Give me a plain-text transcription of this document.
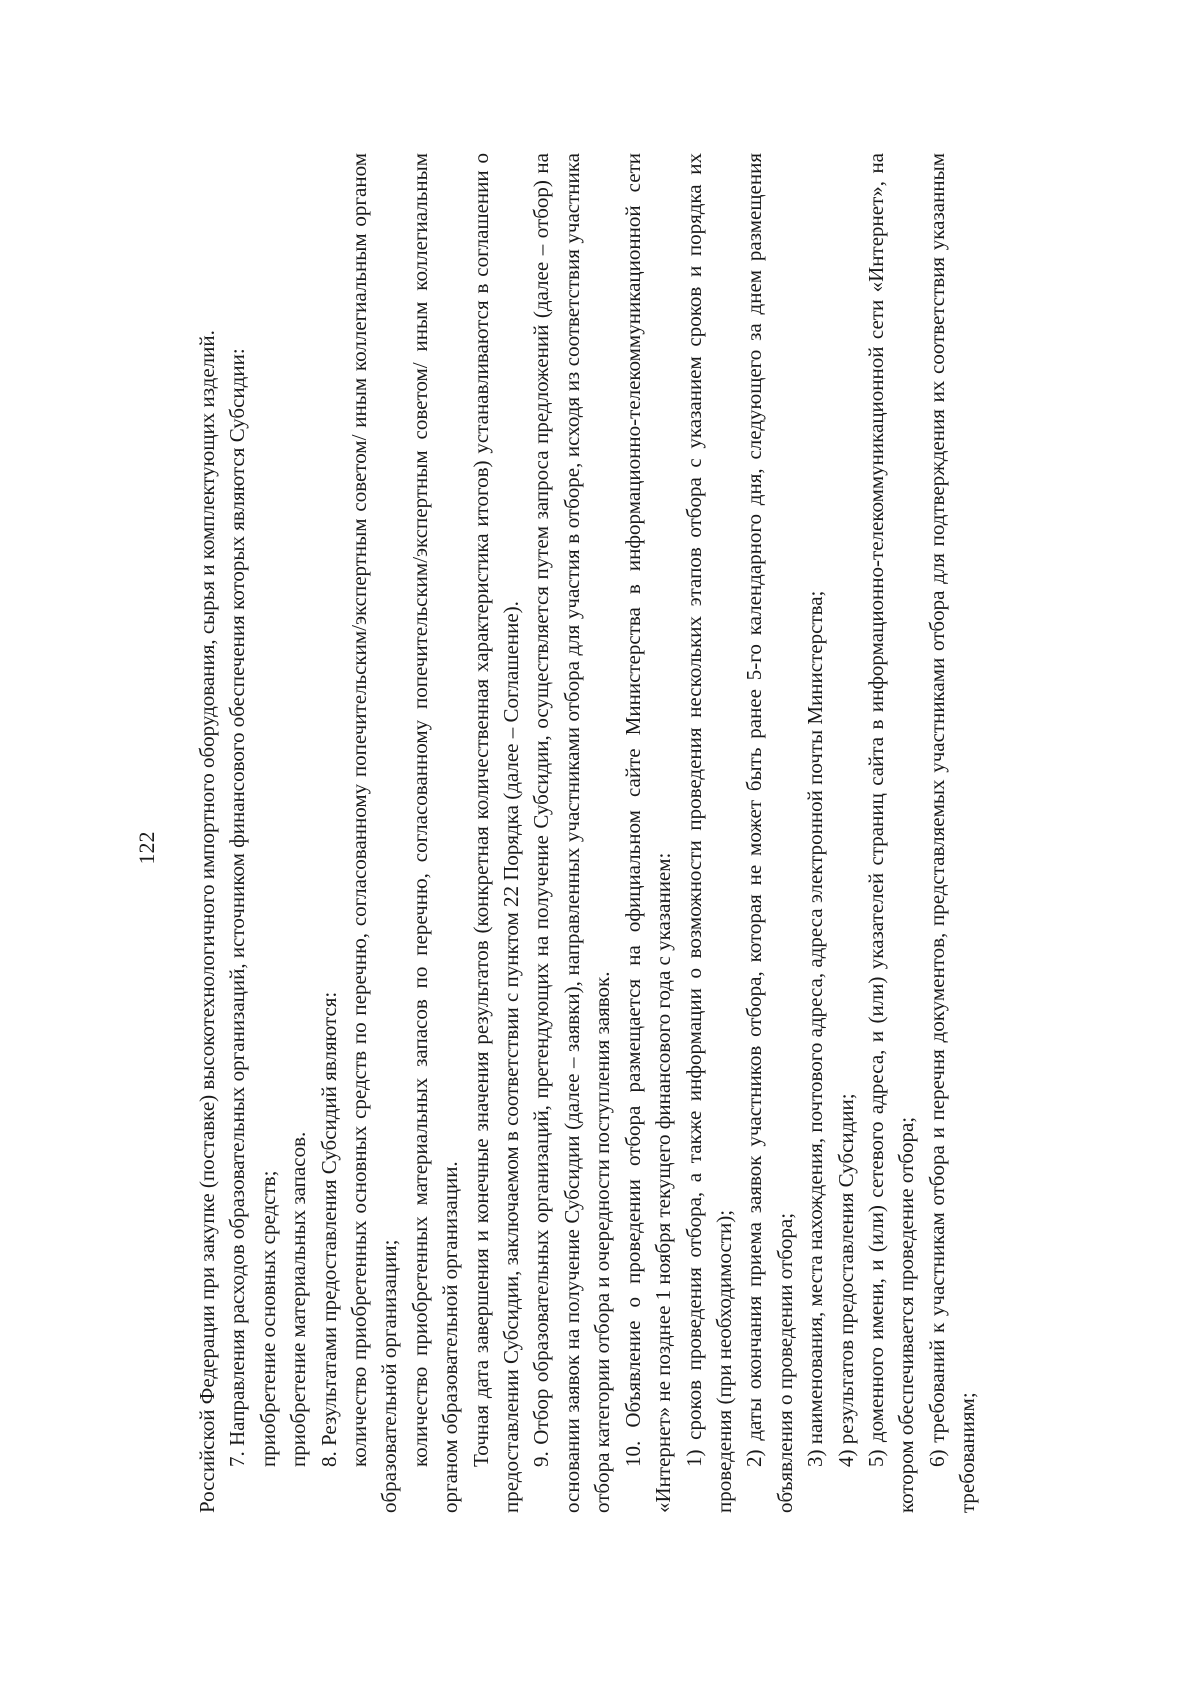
122 Российской Федерации при закупке (поставке) высокотехнологичного импортного оборудования, сырья и комплектующих изделий. 7. Направления расходов образовательных организаций, источником финансового обеспечения которых являются Субсидии: приобретение основных средств; приобретение материальных запасов. 8. Результатами предоставления Субсидий являются: количество приобретенных основных средств по перечню, согласованному попечительским/экспертным советом/ иным коллегиальным органом образовательной организации; количество приобретенных материальных запасов по перечню, согласованному попечительским/экспертным советом/ иным коллегиальным органом образовательной организации. Точная дата завершения и конечные значения результатов (конкретная количественная характеристика итогов) устанавливаются в соглашении о предоставлении Субсидии, заключаемом в соответствии с пунктом 22 Порядка (далее – Соглашение). 9. Отбор образовательных организаций, претендующих на получение Субсидии, осуществляется путем запроса предложений (далее – отбор) на основании заявок на получение Субсидии (далее – заявки), направленных участниками отбора для участия в отборе, исходя из соответствия участника отбора категории отбора и очередности поступления заявок. 10. Объявление о проведении отбора размещается на официальном сайте Министерства в информационно-телекоммуникационной сети «Интернет» не позднее 1 ноября текущего финансового года с указанием: 1) сроков проведения отбора, а также информации о возможности проведения нескольких этапов отбора с указанием сроков и порядка их проведения (при необходимости); 2) даты окончания приема заявок участников отбора, которая не может быть ранее 5-го календарного дня, следующего за днем размещения объявления о проведении отбора; 3) наименования, места нахождения, почтового адреса, адреса электронной почты Министерства; 4) результатов предоставления Субсидии; 5) доменного имени, и (или) сетевого адреса, и (или) указателей страниц сайта в информационно-телекоммуникационной сети «Интернет», на котором обеспечивается проведение отбора; 6) требований к участникам отбора и перечня документов, представляемых участниками отбора для подтверждения их соответствия указанным требованиям;
